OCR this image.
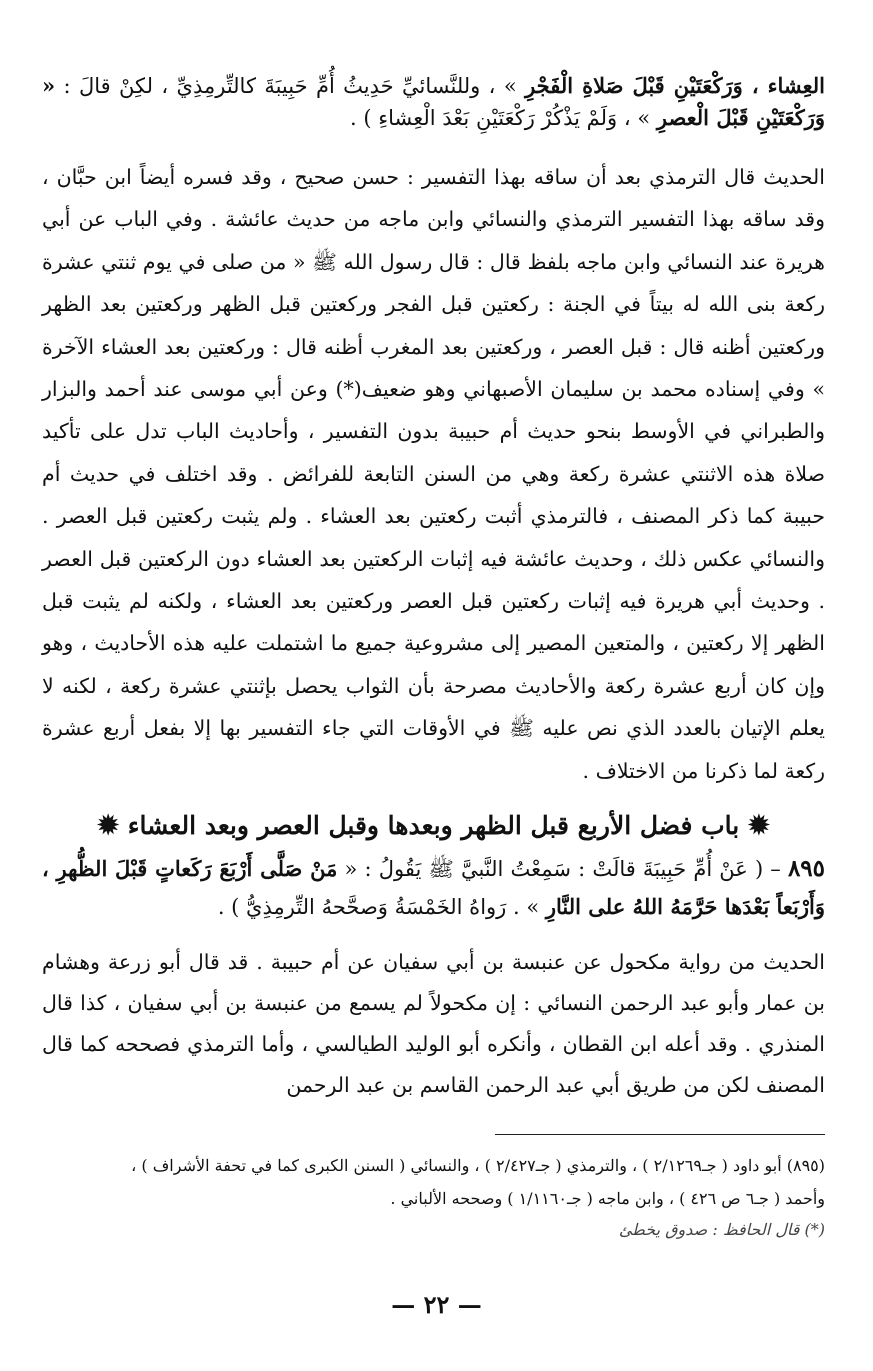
العِشاء ، وَرَكْعَتَيْنِ قَبْلَ صَلاةِ الْفَجْرِ » ، وللنَّسائيِّ حَدِيثُ أُمِّ حَبِيبَةَ كالتِّرمِذِيِّ ، لكِنْ قالَ : « وَرَكْعَتَيْنِ قَبْلَ الْعصرِ » ، وَلَمْ يَذْكُرْ رَكْعَتَيْنِ بَعْدَ الْعِشاءِ ) .

الحديث قال الترمذي بعد أن ساقه بهذا التفسير : حسن صحيح ، وقد فسره أيضاً ابن حبَّان ، وقد ساقه بهذا التفسير الترمذي والنسائي وابن ماجه من حديث عائشة . وفي الباب عن أبي هريرة عند النسائي وابن ماجه بلفظ قال : قال رسول الله ﷺ « من صلى في يوم ثنتي عشرة ركعة بنى الله له بيتاً في الجنة : ركعتين قبل الفجر وركعتين قبل الظهر وركعتين بعد الظهر وركعتين أظنه قال : قبل العصر ، وركعتين بعد المغرب أظنه قال : وركعتين بعد العشاء الآخرة » وفي إسناده محمد بن سليمان الأصبهاني وهو ضعيف(*) وعن أبي موسى عند أحمد والبزار والطبراني في الأوسط بنحو حديث أم حبيبة بدون التفسير ، وأحاديث الباب تدل على تأكيد صلاة هذه الاثنتي عشرة ركعة وهي من السنن التابعة للفرائض . وقد اختلف في حديث أم حبيبة كما ذكر المصنف ، فالترمذي أثبت ركعتين بعد العشاء . ولم يثبت ركعتين قبل العصر . والنسائي عكس ذلك ، وحديث عائشة فيه إثبات الركعتين بعد العشاء دون الركعتين قبل العصر . وحديث أبي هريرة فيه إثبات ركعتين قبل العصر وركعتين بعد العشاء ، ولكنه لم يثبت قبل الظهر إلا ركعتين ، والمتعين المصير إلى مشروعية جميع ما اشتملت عليه هذه الأحاديث ، وهو وإن كان أربع عشرة ركعة والأحاديث مصرحة بأن الثواب يحصل بإثنتي عشرة ركعة ، لكنه لا يعلم الإتيان بالعدد الذي نص عليه ﷺ في الأوقات التي جاء التفسير بها إلا بفعل أربع عشرة ركعة لما ذكرنا من الاختلاف .

✹ باب فضل الأربع قبل الظهر وبعدها وقبل العصر وبعد العشاء ✹

٨٩٥ – ( عَنْ أُمِّ حَبِيبَةَ قالَتْ : سَمِعْتُ النَّبيَّ ﷺ يَقُولُ : « مَنْ صَلَّى أَرْبَعَ رَكَعاتٍ قَبْلَ الظُّهرِ ، وَأَرْبَعاً بَعْدَها حَرَّمَهُ اللهُ على النَّارِ » . رَواهُ الخَمْسَةُ وَصحَّحهُ التِّرمِذِيُّ ) .

الحديث من رواية مكحول عن عنبسة بن أبي سفيان عن أم حبيبة . قد قال أبو زرعة وهشام بن عمار وأبو عبد الرحمن النسائي : إن مكحولاً لم يسمع من عنبسة بن أبي سفيان ، كذا قال المنذري . وقد أعله ابن القطان ، وأنكره أبو الوليد الطيالسي ، وأما الترمذي فصححه كما قال المصنف لكن من طريق أبي عبد الرحمن القاسم بن عبد الرحمن

(٨٩٥) أبو داود ( جـ٢/١٢٦٩ ) ، والترمذي ( جـ٢/٤٢٧ ) ، والنسائي ( السنن الكبرى كما في تحفة الأشراف ) ،
وأحمد ( جـ٦ ص ٤٢٦ ) ، وابن ماجه ( جـ١/١١٦٠ ) وصححه الألباني .
(*) قال الحافظ : صدوق يخطئ
— ٢٢ —
